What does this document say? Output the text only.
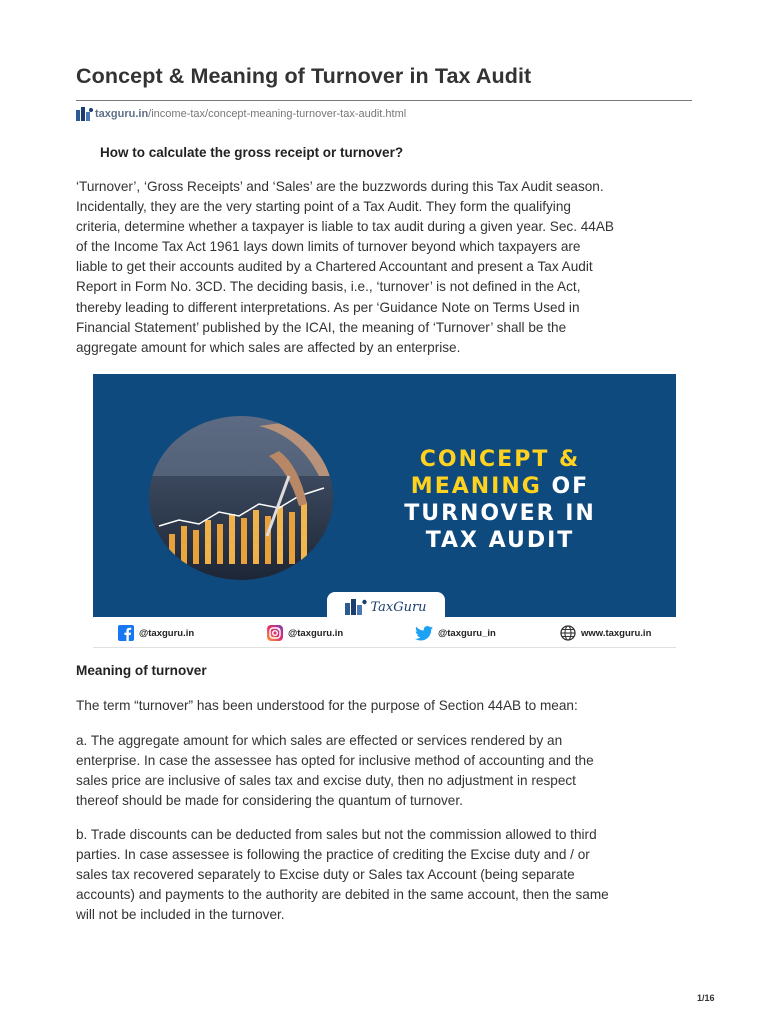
Concept & Meaning of Turnover in Tax Audit
taxguru.in /income-tax/concept-meaning-turnover-tax-audit.html
How to calculate the gross receipt or turnover?

‘Turnover’, ‘Gross Receipts’ and ‘Sales’ are the buzzwords during this Tax Audit season.
Incidentally, they are the very starting point of a Tax Audit. They form the qualifying
criteria, determine whether a taxpayer is liable to tax audit during a given year. Sec. 44AB
of the Income Tax Act 1961 lays down limits of turnover beyond which taxpayers are
liable to get their accounts audited by a Chartered Accountant and present a Tax Audit
Report in Form No. 3CD. The deciding basis, i.e., ‘turnover’ is not defined in the Act,
thereby leading to different interpretations. As per ‘Guidance Note on Terms Used in
Financial Statement’ published by the ICAI, the meaning of ‘Turnover’ shall be the
aggregate amount for which sales are affected by an enterprise.

CONCEPT &
MEANING OF
TURNOVER IN
TAX AUDIT
TaxGuru
@taxguru.in	@taxguru.in	@taxguru_in	www.taxguru.in
Meaning of turnover

The term “turnover” has been understood for the purpose of Section 44AB to mean:

a. The aggregate amount for which sales are effected or services rendered by an
enterprise. In case the assessee has opted for inclusive method of accounting and the
sales price are inclusive of sales tax and excise duty, then no adjustment in respect
thereof should be made for considering the quantum of turnover.

b. Trade discounts can be deducted from sales but not the commission allowed to third
parties. In case assessee is following the practice of crediting the Excise duty and / or
sales tax recovered separately to Excise duty or Sales tax Account (being separate
accounts) and payments to the authority are debited in the same account, then the same
will not be included in the turnover.

1/16
